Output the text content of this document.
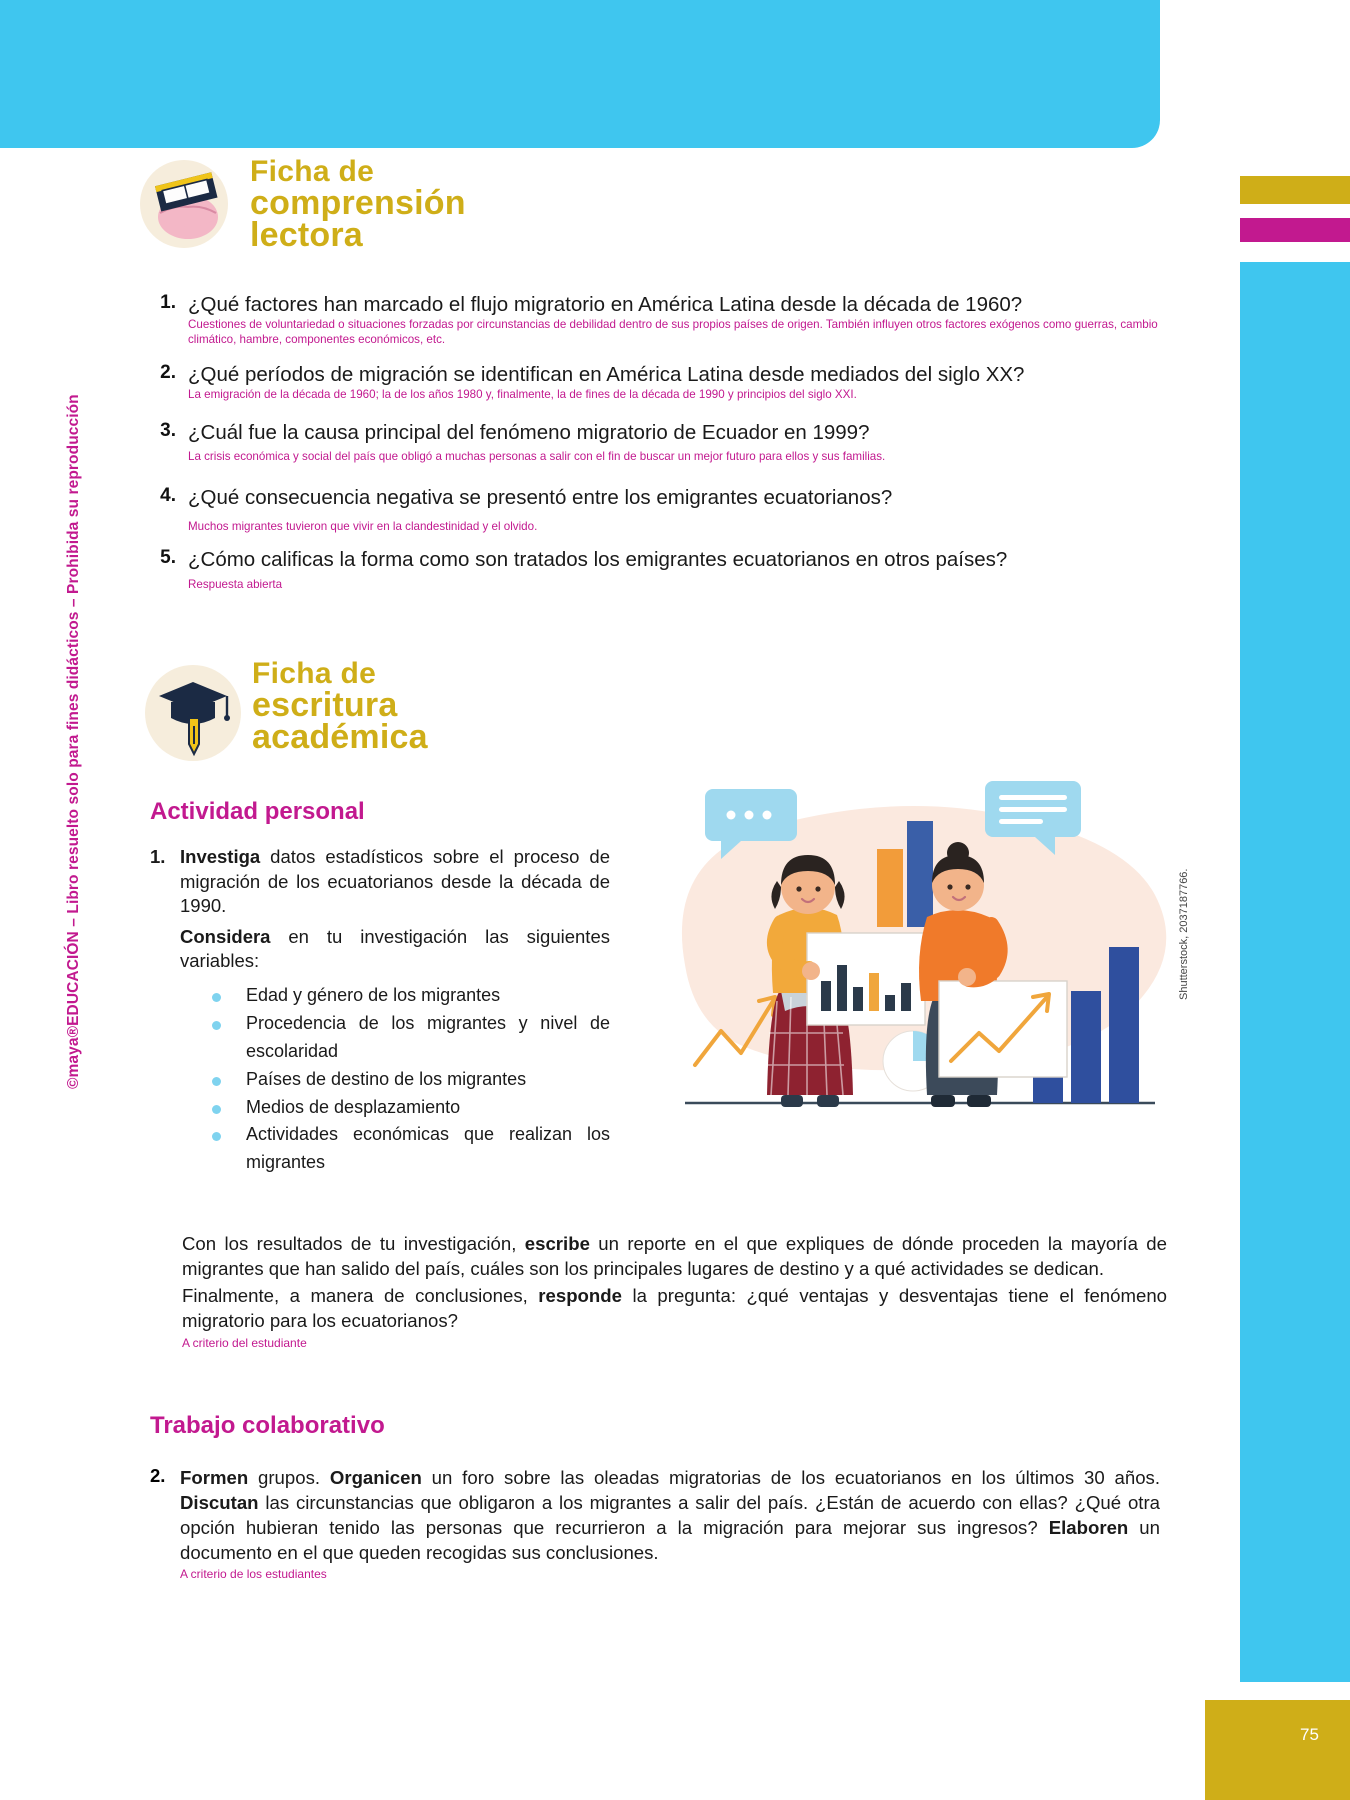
75
©maya®EDUCACIÓN – Libro resuelto solo para fines didácticos – Prohibida su reproducción
Ficha de
comprensión lectora
1. ¿Qué factores han marcado el flujo migratorio en América Latina desde la década de 1960?
Cuestiones de voluntariedad o situaciones forzadas por circunstancias de debilidad dentro de sus propios países de origen. También influyen otros factores exógenos como guerras, cambio climático, hambre, componentes económicos, etc.
2. ¿Qué períodos de migración se identifican en América Latina desde mediados del siglo XX?
La emigración de la década de 1960; la de los años 1980 y, finalmente, la de fines de la década de 1990 y principios del siglo XXI.
3. ¿Cuál fue la causa principal del fenómeno migratorio de Ecuador en 1999?
La crisis económica y social del país que obligó a muchas personas a salir con el fin de buscar un mejor futuro para ellos y sus familias.
4. ¿Qué consecuencia negativa se presentó entre los emigrantes ecuatorianos?
Muchos migrantes tuvieron que vivir en la clandestinidad y el olvido.
5. ¿Cómo calificas la forma como son tratados los emigrantes ecuatorianos en otros países?
Respuesta abierta
Ficha de
escritura académica
Actividad personal
1. Investiga datos estadísticos sobre el proceso de migración de los ecuatorianos desde la década de 1990.
Considera en tu investigación las siguientes variables:
Edad y género de los migrantes
Procedencia de los migrantes y nivel de escolaridad
Países de destino de los migrantes
Medios de desplazamiento
Actividades económicas que realizan los migrantes
Shutterstock, 2037187766.

Con los resultados de tu investigación, escribe un reporte en el que expliques de dónde proceden la mayoría de migrantes que han salido del país, cuáles son los principales lugares de destino y a qué actividades se dedican.

Finalmente, a manera de conclusiones, responde la pregunta: ¿qué ventajas y desventajas tiene el fenómeno migratorio para los ecuatorianos?

A criterio del estudiante
Trabajo colaborativo
2. Formen grupos. Organicen un foro sobre las oleadas migratorias de los ecuatorianos en los últimos 30 años. Discutan las circunstancias que obligaron a los migrantes a salir del país. ¿Están de acuerdo con ellas? ¿Qué otra opción hubieran tenido las personas que recurrieron a la migración para mejorar sus ingresos? Elaboren un documento en el que queden recogidas sus conclusiones.
A criterio de los estudiantes
